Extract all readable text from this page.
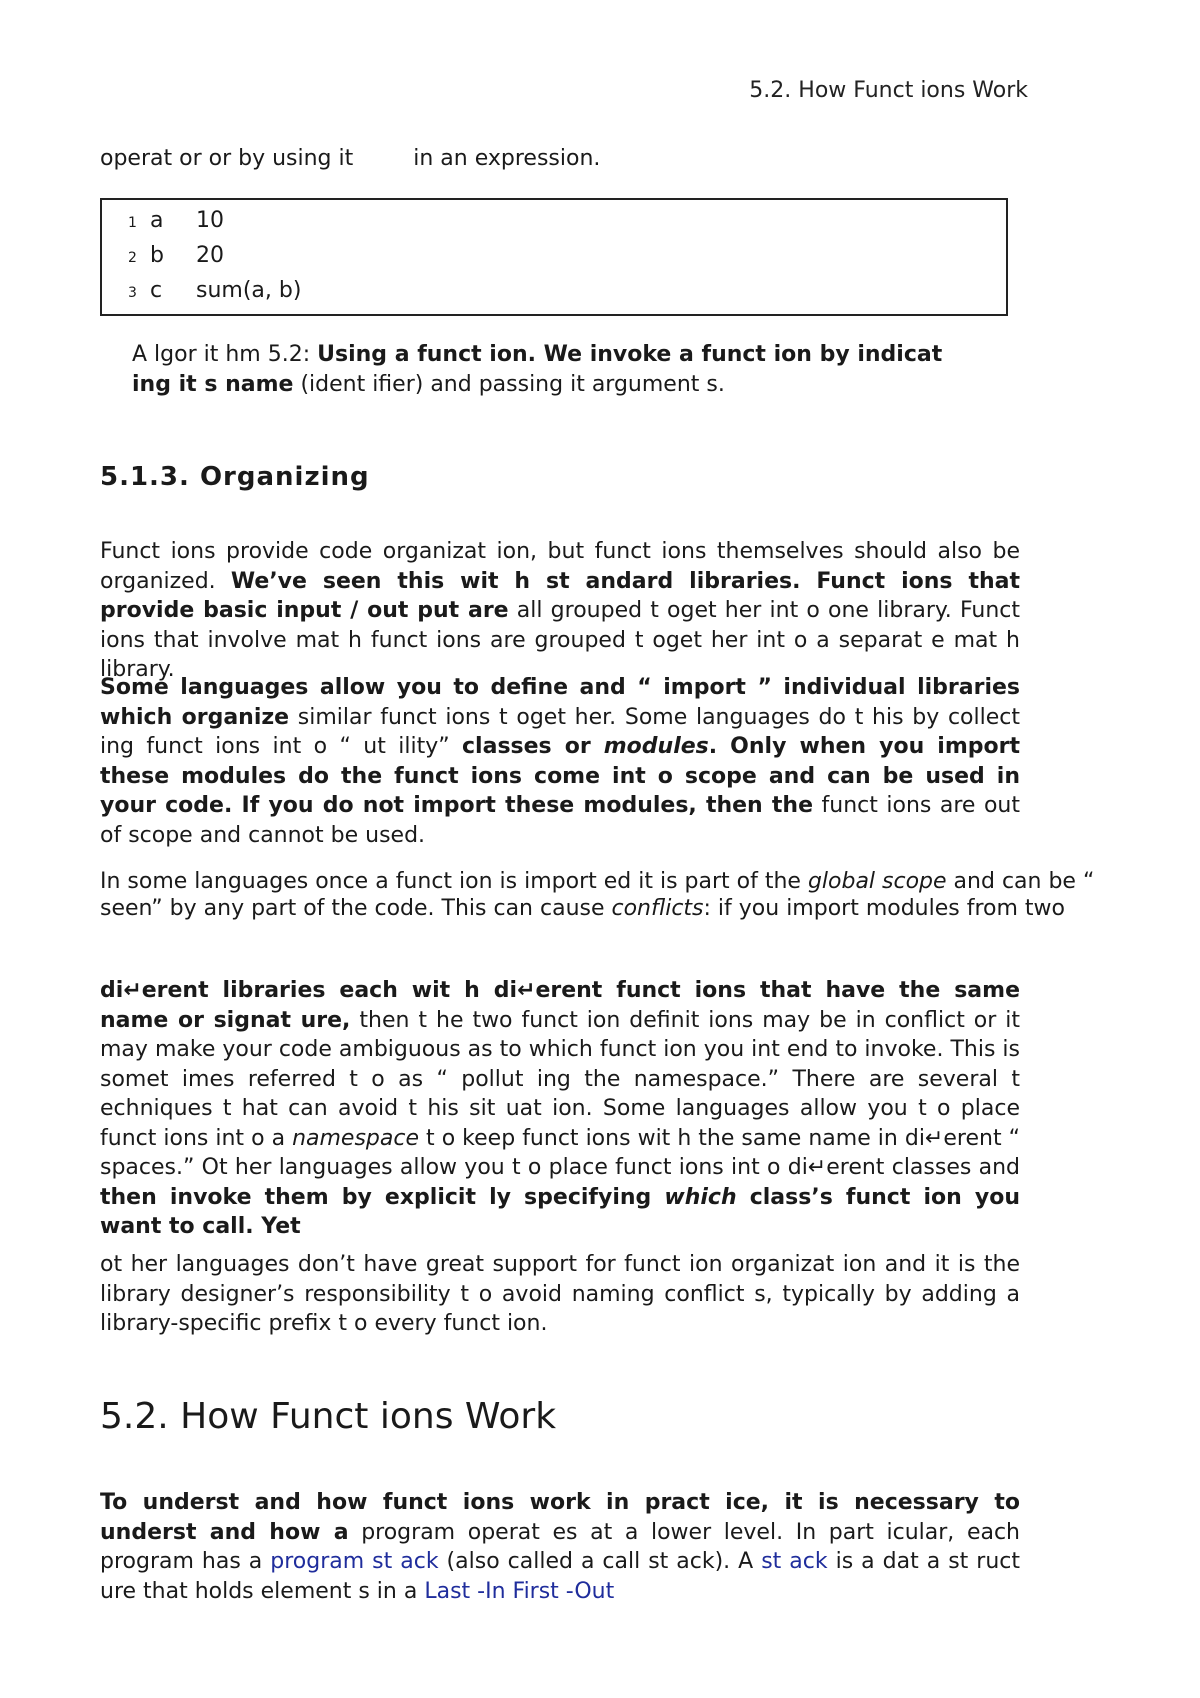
5.2. How Funct ions Work

operat or or by using it	in an expression.

1 a 10
2 b 20
3 c sum(a, b)

A lgor it hm 5.2: Using a funct ion. We invoke a funct ion by indicat ing it s name (ident ifier) and passing it argument s.

5.1.3. Organizing

Funct ions provide code organizat ion, but funct ions themselves should also be organized. We’ve seen this wit h st andard libraries. Funct ions that provide basic input / out put are all grouped t oget her int o one library. Funct ions that involve mat h funct ions are grouped t oget her int o a separat e mat h library.

Some languages allow you to define and “ import ” individual libraries which organize similar funct ions t oget her. Some languages do t his by collect ing funct ions int o “ ut ility” classes or modules. Only when you import these modules do the funct ions come int o scope and can be used in your code. If you do not import these modules, then the funct ions are out of scope and cannot be used.

In some languages once a funct ion is import ed it is part of the global scope and can be “ seen” by any part of the code. This can cause conflicts: if you import modules from two

di↵erent libraries each wit h di↵erent funct ions that have the same name or signat ure, then t he two funct ion definit ions may be in conflict or it may make your code ambiguous as to which funct ion you int end to invoke. This is somet imes referred t o as “ pollut ing the namespace.” There are several t echniques t hat can avoid t his sit uat ion. Some languages allow you t o place funct ions int o a namespace t o keep funct ions wit h the same name in di↵erent “ spaces.” Ot her languages allow you t o place funct ions int o di↵erent classes and then invoke them by explicit ly specifying which class’s funct ion you want to call. Yet

ot her languages don’t have great support for funct ion organizat ion and it is the library designer’s responsibility t o avoid naming conflict s, typically by adding a library-specific prefix t o every funct ion.

5.2. How Funct ions Work

To underst and how funct ions work in pract ice, it is necessary to underst and how a program operat es at a lower level. In part icular, each program has a program st ack (also called a call st ack). A st ack is a dat a st ruct ure that holds element s in a Last -In First -Out
